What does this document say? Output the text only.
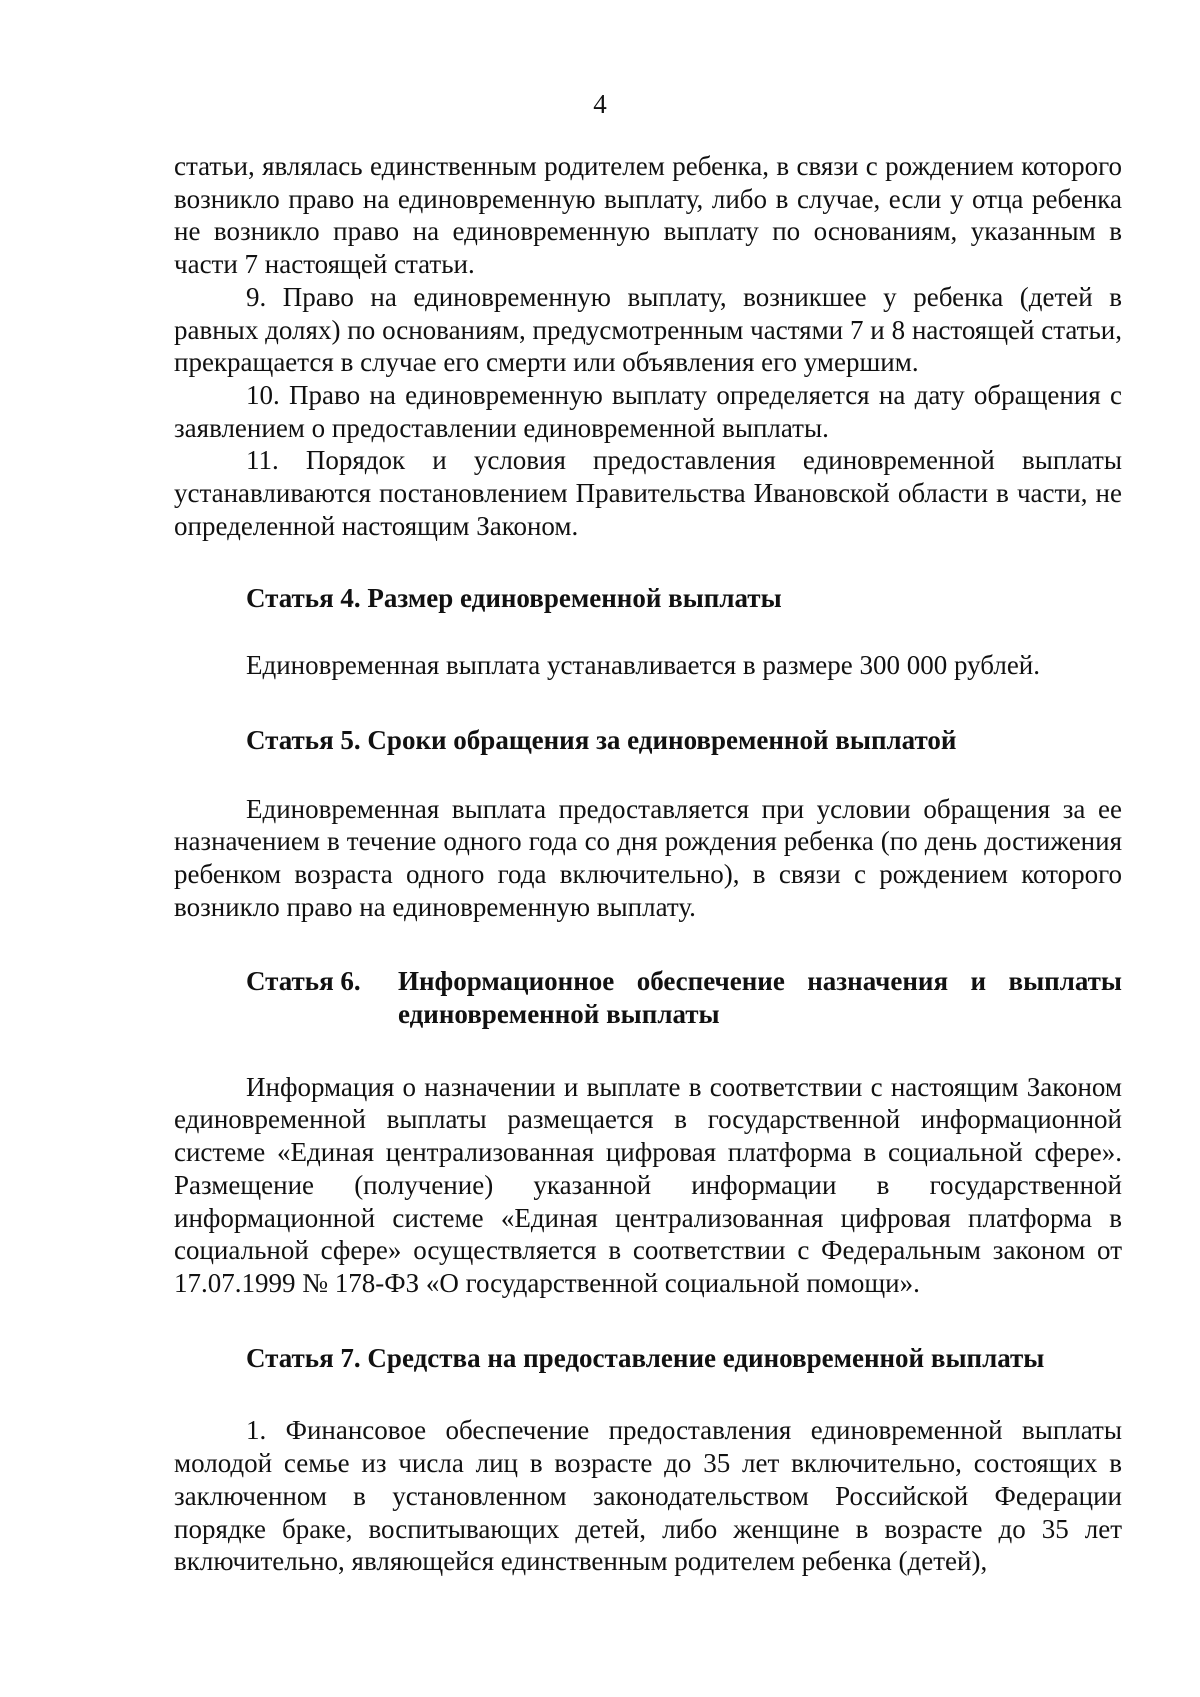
4

статьи, являлась единственным родителем ребенка, в связи с рождением которого возникло право на единовременную выплату, либо в случае, если у отца ребенка не возникло право на единовременную выплату по основаниям, указанным в части 7 настоящей статьи.

9. Право на единовременную выплату, возникшее у ребенка (детей в равных долях) по основаниям, предусмотренным частями 7 и 8 настоящей статьи, прекращается в случае его смерти или объявления его умершим.

10. Право на единовременную выплату определяется на дату обращения с заявлением о предоставлении единовременной выплаты.

11. Порядок и условия предоставления единовременной выплаты устанавливаются постановлением Правительства Ивановской области в части, не определенной настоящим Законом.

Статья 4. Размер единовременной выплаты

Единовременная выплата устанавливается в размере 300 000 рублей.

Статья 5. Сроки обращения за единовременной выплатой

Единовременная выплата предоставляется при условии обращения за ее назначением в течение одного года со дня рождения ребенка (по день достижения ребенком возраста одного года включительно), в связи с рождением которого возникло право на единовременную выплату.

Статья 6.	Информационное обеспечение назначения и выплаты единовременной выплаты

Информация о назначении и выплате в соответствии с настоящим Законом единовременной выплаты размещается в государственной информационной системе «Единая централизованная цифровая платформа в социальной сфере». Размещение (получение) указанной информации в государственной информационной системе «Единая централизованная цифровая платформа в социальной сфере» осуществляется в соответствии с Федеральным законом от 17.07.1999 № 178-ФЗ «О государственной социальной помощи».

Статья 7. Средства на предоставление единовременной выплаты

1. Финансовое обеспечение предоставления единовременной выплаты молодой семье из числа лиц в возрасте до 35 лет включительно, состоящих в заключенном в установленном законодательством Российской Федерации порядке браке, воспитывающих детей, либо женщине в возрасте до 35 лет включительно, являющейся единственным родителем ребенка (детей),
